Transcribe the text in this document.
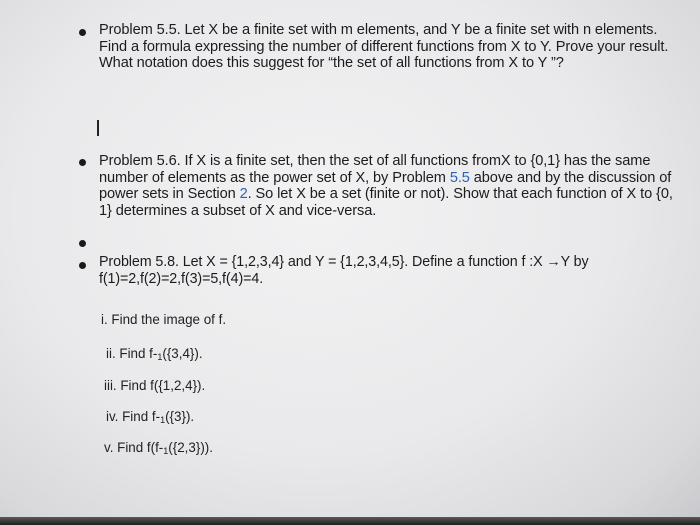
Problem 5.5. Let X be a finite set with m elements, and Y be a finite set with n elements. Find a formula expressing the number of different functions from X to Y. Prove your result. What notation does this suggest for “the set of all functions from X to Y ”?
Problem 5.6. If X is a finite set, then the set of all functions fromX to {0,1} has the same number of elements as the power set of X, by Problem 5.5 above and by the discussion of power sets in Section 2. So let X be a set (finite or not). Show that each function of X to {0, 1} determines a subset of X and vice-versa.
Problem 5.8. Let X = {1,2,3,4} and Y = {1,2,3,4,5}. Define a function f :X →Y by f(1)=2,f(2)=2,f(3)=5,f(4)=4.
i. Find the image of f.
ii. Find $f-_1(\{3,4\})$.
iii. Find f({1,2,4}).
iv. Find $f-_1(\{3\})$.
v. Find $f(f-_1(\{2,3\}))$.
